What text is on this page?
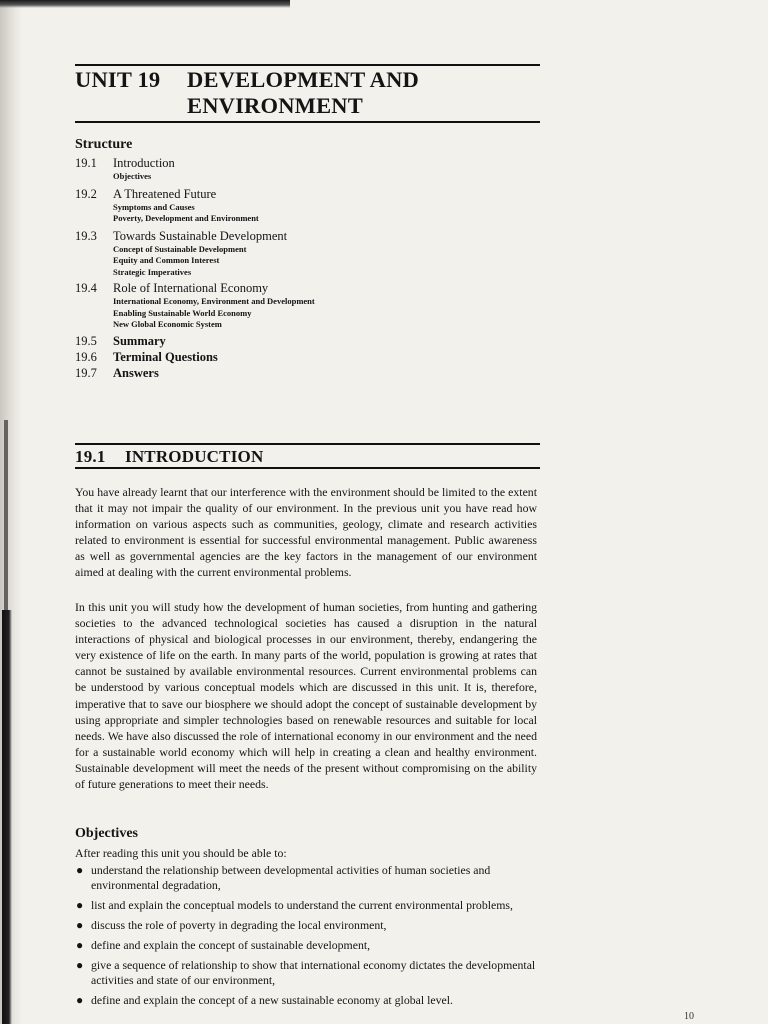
UNIT 19 DEVELOPMENT AND
ENVIRONMENT
Structure
19.1	Introduction
Objectives
19.2	A Threatened Future
Symptoms and Causes
Poverty, Development and Environment
19.3	Towards Sustainable Development
Concept of Sustainable Development
Equity and Common Interest
Strategic Imperatives
19.4	Role of International Economy
International Economy, Environment and Development
Enabling Sustainable World Economy
New Global Economic System
19.5	Summary
19.6	Terminal Questions
19.7	Answers
19.1 INTRODUCTION
You have already learnt that our interference with the environment should be limited to the extent that it may not impair the quality of our environment. In the previous unit you have read how information on various aspects such as communities, geology, climate and research activities related to environment is essential for successful environmental management. Public awareness as well as governmental agencies are the key factors in the management of our environment aimed at dealing with the current environmental problems.
In this unit you will study how the development of human societies, from hunting and gathering societies to the advanced technological societies has caused a disruption in the natural interactions of physical and biological processes in our environment, thereby, endangering the very existence of life on the earth. In many parts of the world, population is growing at rates that cannot be sustained by available environmental resources. Current environmental problems can be understood by various conceptual models which are discussed in this unit. It is, therefore, imperative that to save our biosphere we should adopt the concept of sustainable development by using appropriate and simpler technologies based on renewable resources and suitable for local needs. We have also discussed the role of international economy in our environment and the need for a sustainable world economy which will help in creating a clean and healthy environment. Sustainable development will meet the needs of the present without compromising on the ability of future generations to meet their needs.
Objectives
After reading this unit you should be able to:
● understand the relationship between developmental activities of human societies and environmental degradation,
● list and explain the conceptual models to understand the current environmental problems,
● discuss the role of poverty in degrading the local environment,
● define and explain the concept of sustainable development,
● give a sequence of relationship to show that international economy dictates the developmental activities and state of our environment,
● define and explain the concept of a new sustainable economy at global level.
10
